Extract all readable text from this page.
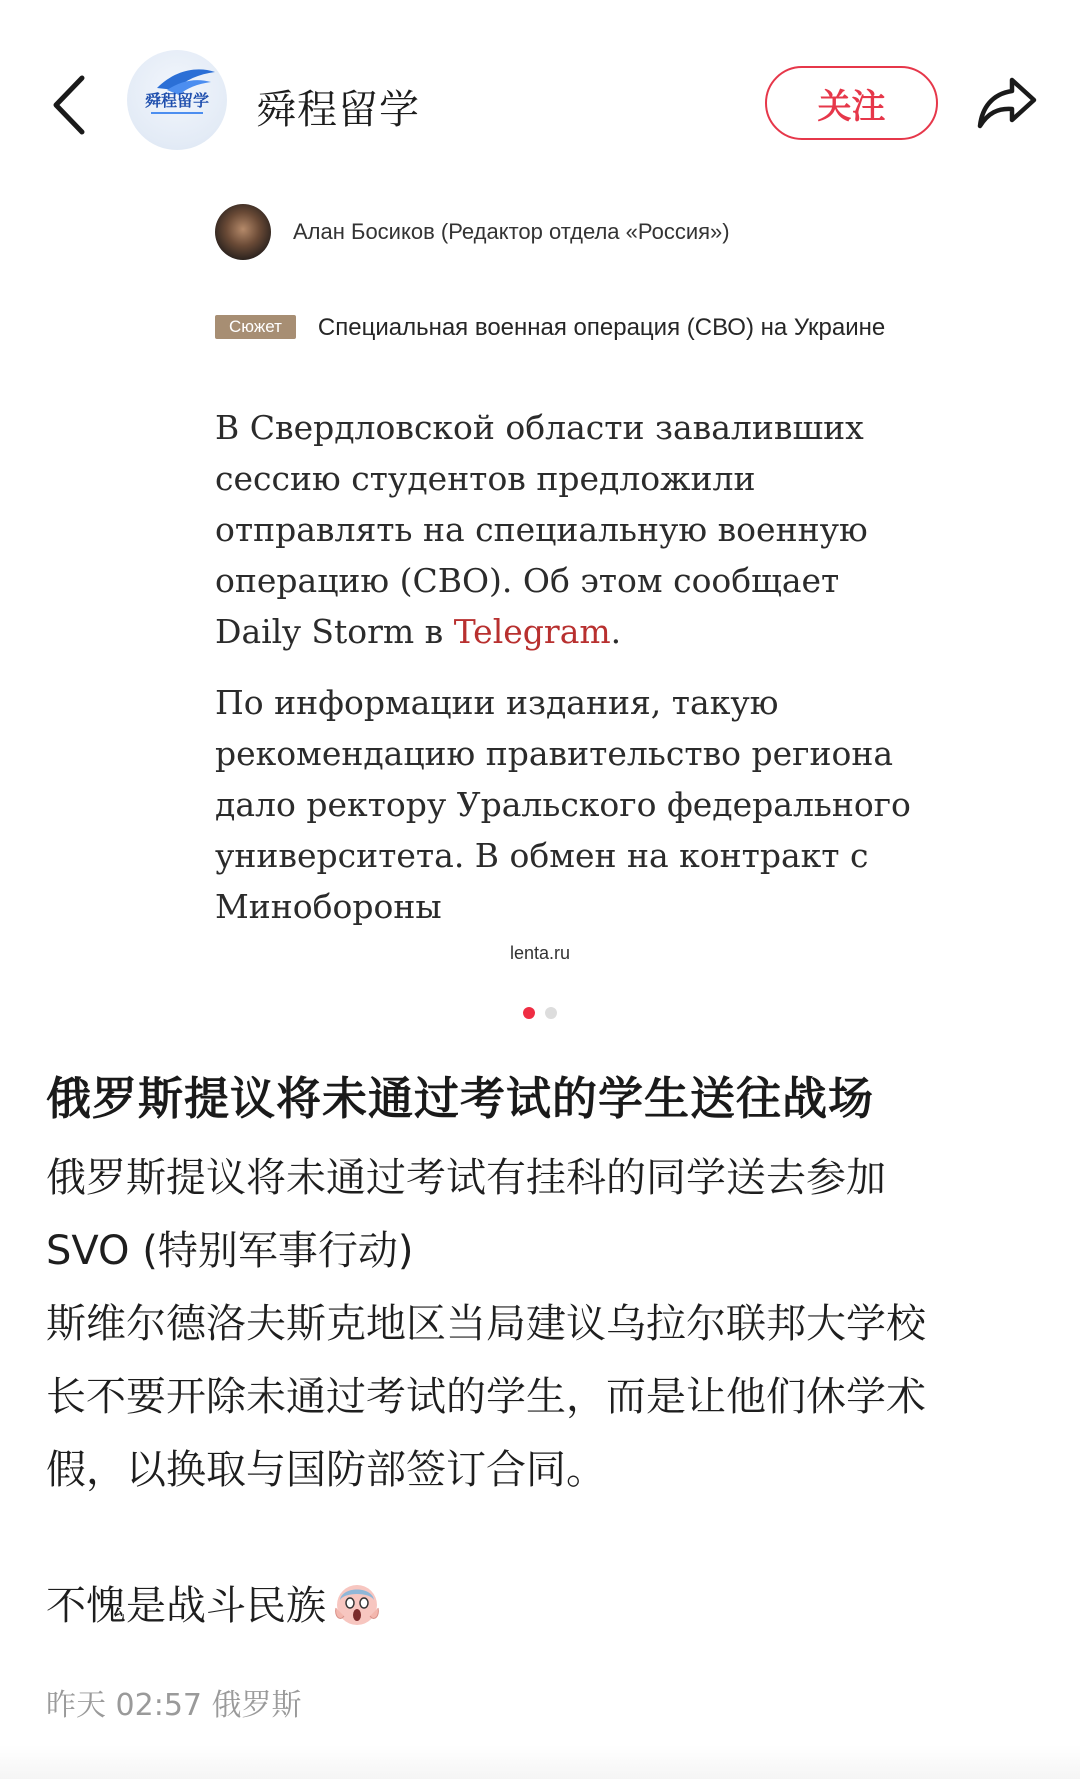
舜程留学 舜程留学	关注
Алан Босиков (Редактор отдела «Россия»)
Сюжет Специальная военная операция (СВО) на Украине

В Свердловской области заваливших сессию студентов предложили отправлять на специальную военную операцию (СВО). Об этом сообщает Daily Storm в Telegram.

По информации издания, такую рекомендацию правительство региона дало ректору Уральского федерального университета. В обмен на контракт с Минобороны

lenta.ru
俄罗斯提议将未通过考试的学生送往战场
俄罗斯提议将未通过考试有挂科的同学送去参加
SVO (特别军事行动)
斯维尔德洛夫斯克地区当局建议乌拉尔联邦大学校
长不要开除未通过考试的学生，而是让他们休学术
假，以换取与国防部签订合同。
不愧是战斗民族
昨天 02:57 俄罗斯
